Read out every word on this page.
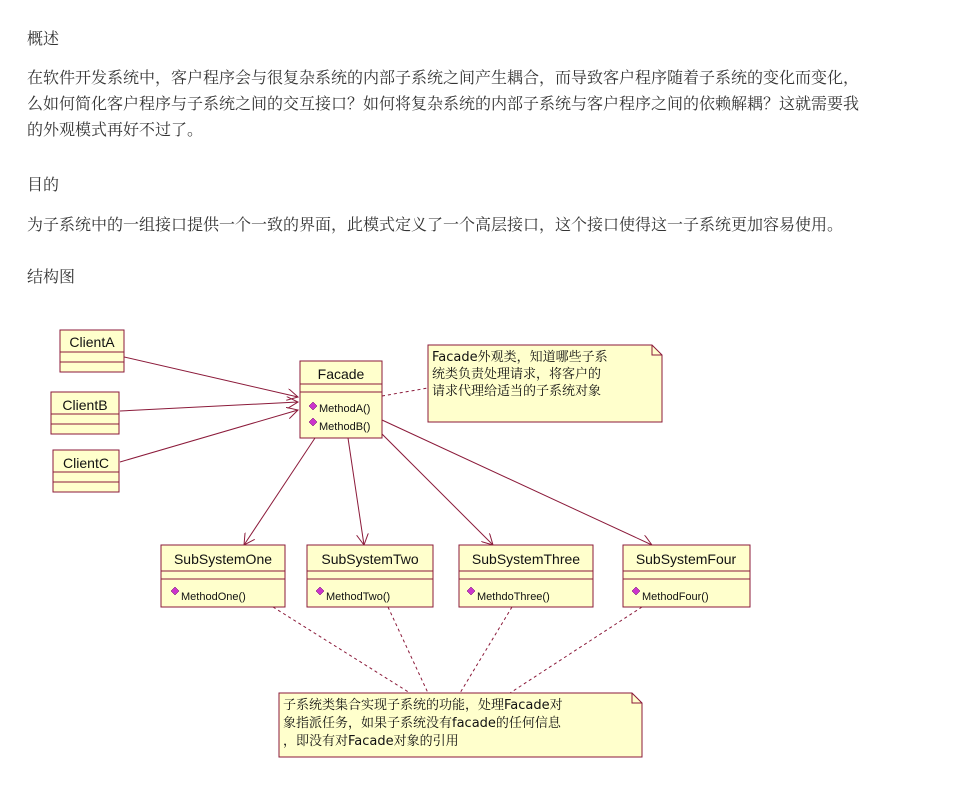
概述
在软件开发系统中，客户程序会与很复杂系统的内部子系统之间产生耦合，而导致客户程序随着子系统的变化而变化，
么如何简化客户程序与子系统之间的交互接口？如何将复杂系统的内部子系统与客户程序之间的依赖解耦？这就需要我
的外观模式再好不过了。
目的
为子系统中的一组接口提供一个一致的界面，此模式定义了一个高层接口，这个接口使得这一子系统更加容易使用。
结构图
ClientA
ClientB
ClientC
Facade
MethodA()
MethodB()
Facade外观类，知道哪些子系
统类负责处理请求，将客户的
请求代理给适当的子系统对象
SubSystemOne
MethodOne()
SubSystemTwo
MethodTwo()
SubSystemThree
MethdoThree()
SubSystemFour
MethodFour()
子系统类集合实现子系统的功能，处理Facade对
象指派任务，如果子系统没有facade的任何信息
，即没有对Facade对象的引用
